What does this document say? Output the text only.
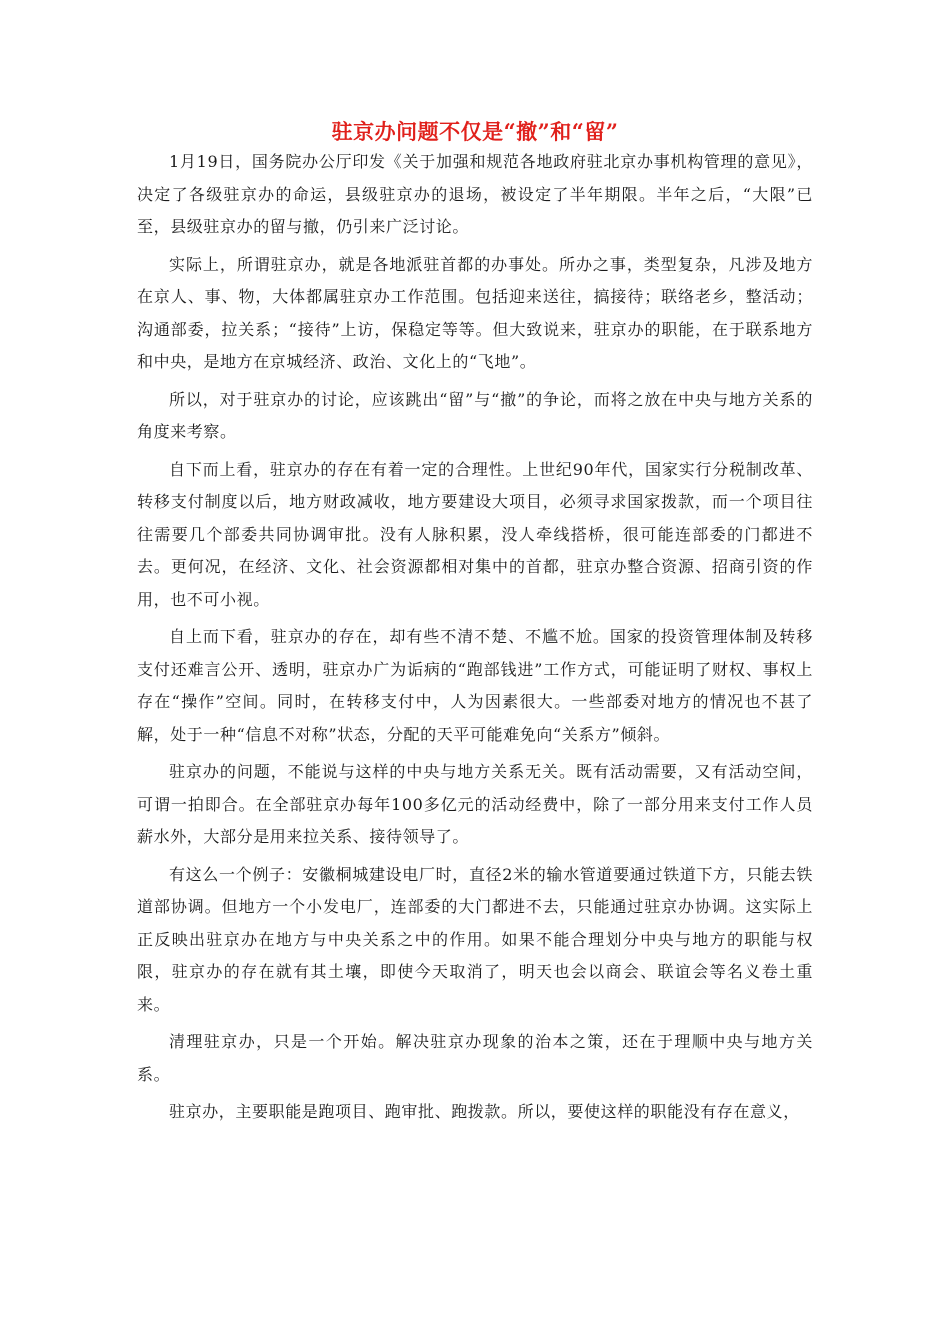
驻京办问题不仅是“撤”和“留”

1月19日，国务院办公厅印发《关于加强和规范各地政府驻北京办事机构管理的意见》，决定了各级驻京办的命运，县级驻京办的退场，被设定了半年期限。半年之后，“大限”已至，县级驻京办的留与撤，仍引来广泛讨论。

实际上，所谓驻京办，就是各地派驻首都的办事处。所办之事，类型复杂，凡涉及地方在京人、事、物，大体都属驻京办工作范围。包括迎来送往，搞接待；联络老乡，整活动；沟通部委，拉关系；“接待”上访，保稳定等等。但大致说来，驻京办的职能，在于联系地方和中央，是地方在京城经济、政治、文化上的“飞地”。

所以，对于驻京办的讨论，应该跳出“留”与“撤”的争论，而将之放在中央与地方关系的角度来考察。

自下而上看，驻京办的存在有着一定的合理性。上世纪90年代，国家实行分税制改革、转移支付制度以后，地方财政减收，地方要建设大项目，必须寻求国家拨款，而一个项目往往需要几个部委共同协调审批。没有人脉积累，没人牵线搭桥，很可能连部委的门都进不去。更何况，在经济、文化、社会资源都相对集中的首都，驻京办整合资源、招商引资的作用，也不可小视。

自上而下看，驻京办的存在，却有些不清不楚、不尴不尬。国家的投资管理体制及转移支付还难言公开、透明，驻京办广为诟病的“跑部钱进”工作方式，可能证明了财权、事权上存在“操作”空间。同时，在转移支付中，人为因素很大。一些部委对地方的情况也不甚了解，处于一种“信息不对称”状态，分配的天平可能难免向“关系方”倾斜。

驻京办的问题，不能说与这样的中央与地方关系无关。既有活动需要，又有活动空间，可谓一拍即合。在全部驻京办每年100多亿元的活动经费中，除了一部分用来支付工作人员薪水外，大部分是用来拉关系、接待领导了。

有这么一个例子：安徽桐城建设电厂时，直径2米的输水管道要通过铁道下方，只能去铁道部协调。但地方一个小发电厂，连部委的大门都进不去，只能通过驻京办协调。这实际上正反映出驻京办在地方与中央关系之中的作用。如果不能合理划分中央与地方的职能与权限，驻京办的存在就有其土壤，即使今天取消了，明天也会以商会、联谊会等名义卷土重来。

清理驻京办，只是一个开始。解决驻京办现象的治本之策，还在于理顺中央与地方关系。

驻京办，主要职能是跑项目、跑审批、跑拨款。所以，要使这样的职能没有存在意义，
